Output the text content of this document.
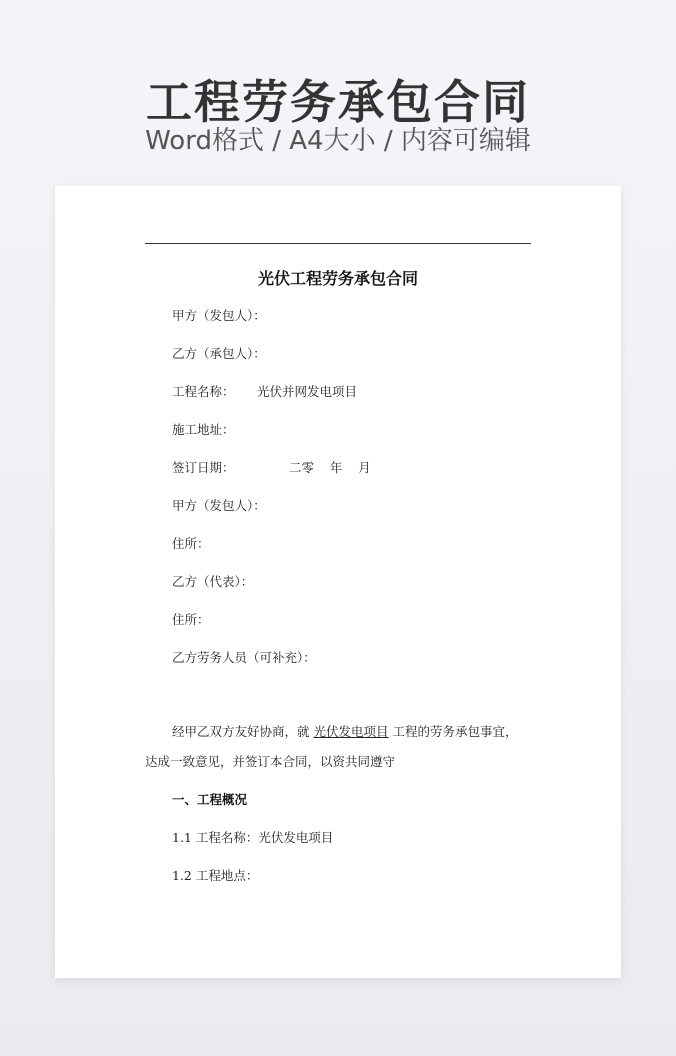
工程劳务承包合同
Word格式 / A4大小 / 内容可编辑
光伏工程劳务承包合同
甲方（发包人）：
乙方（承包人）：
工程名称： 光伏并网发电项目
施工地址：
签订日期：	二零    年    月
甲方（发包人）：
住所：
乙方（代表）：
住所：
乙方劳务人员（可补充）：
经甲乙双方友好协商，就 光伏发电项目 工程的劳务承包事宜，
达成一致意见，并签订本合同，以资共同遵守
一、工程概况
1.1 工程名称：光伏发电项目
1.2 工程地点：
